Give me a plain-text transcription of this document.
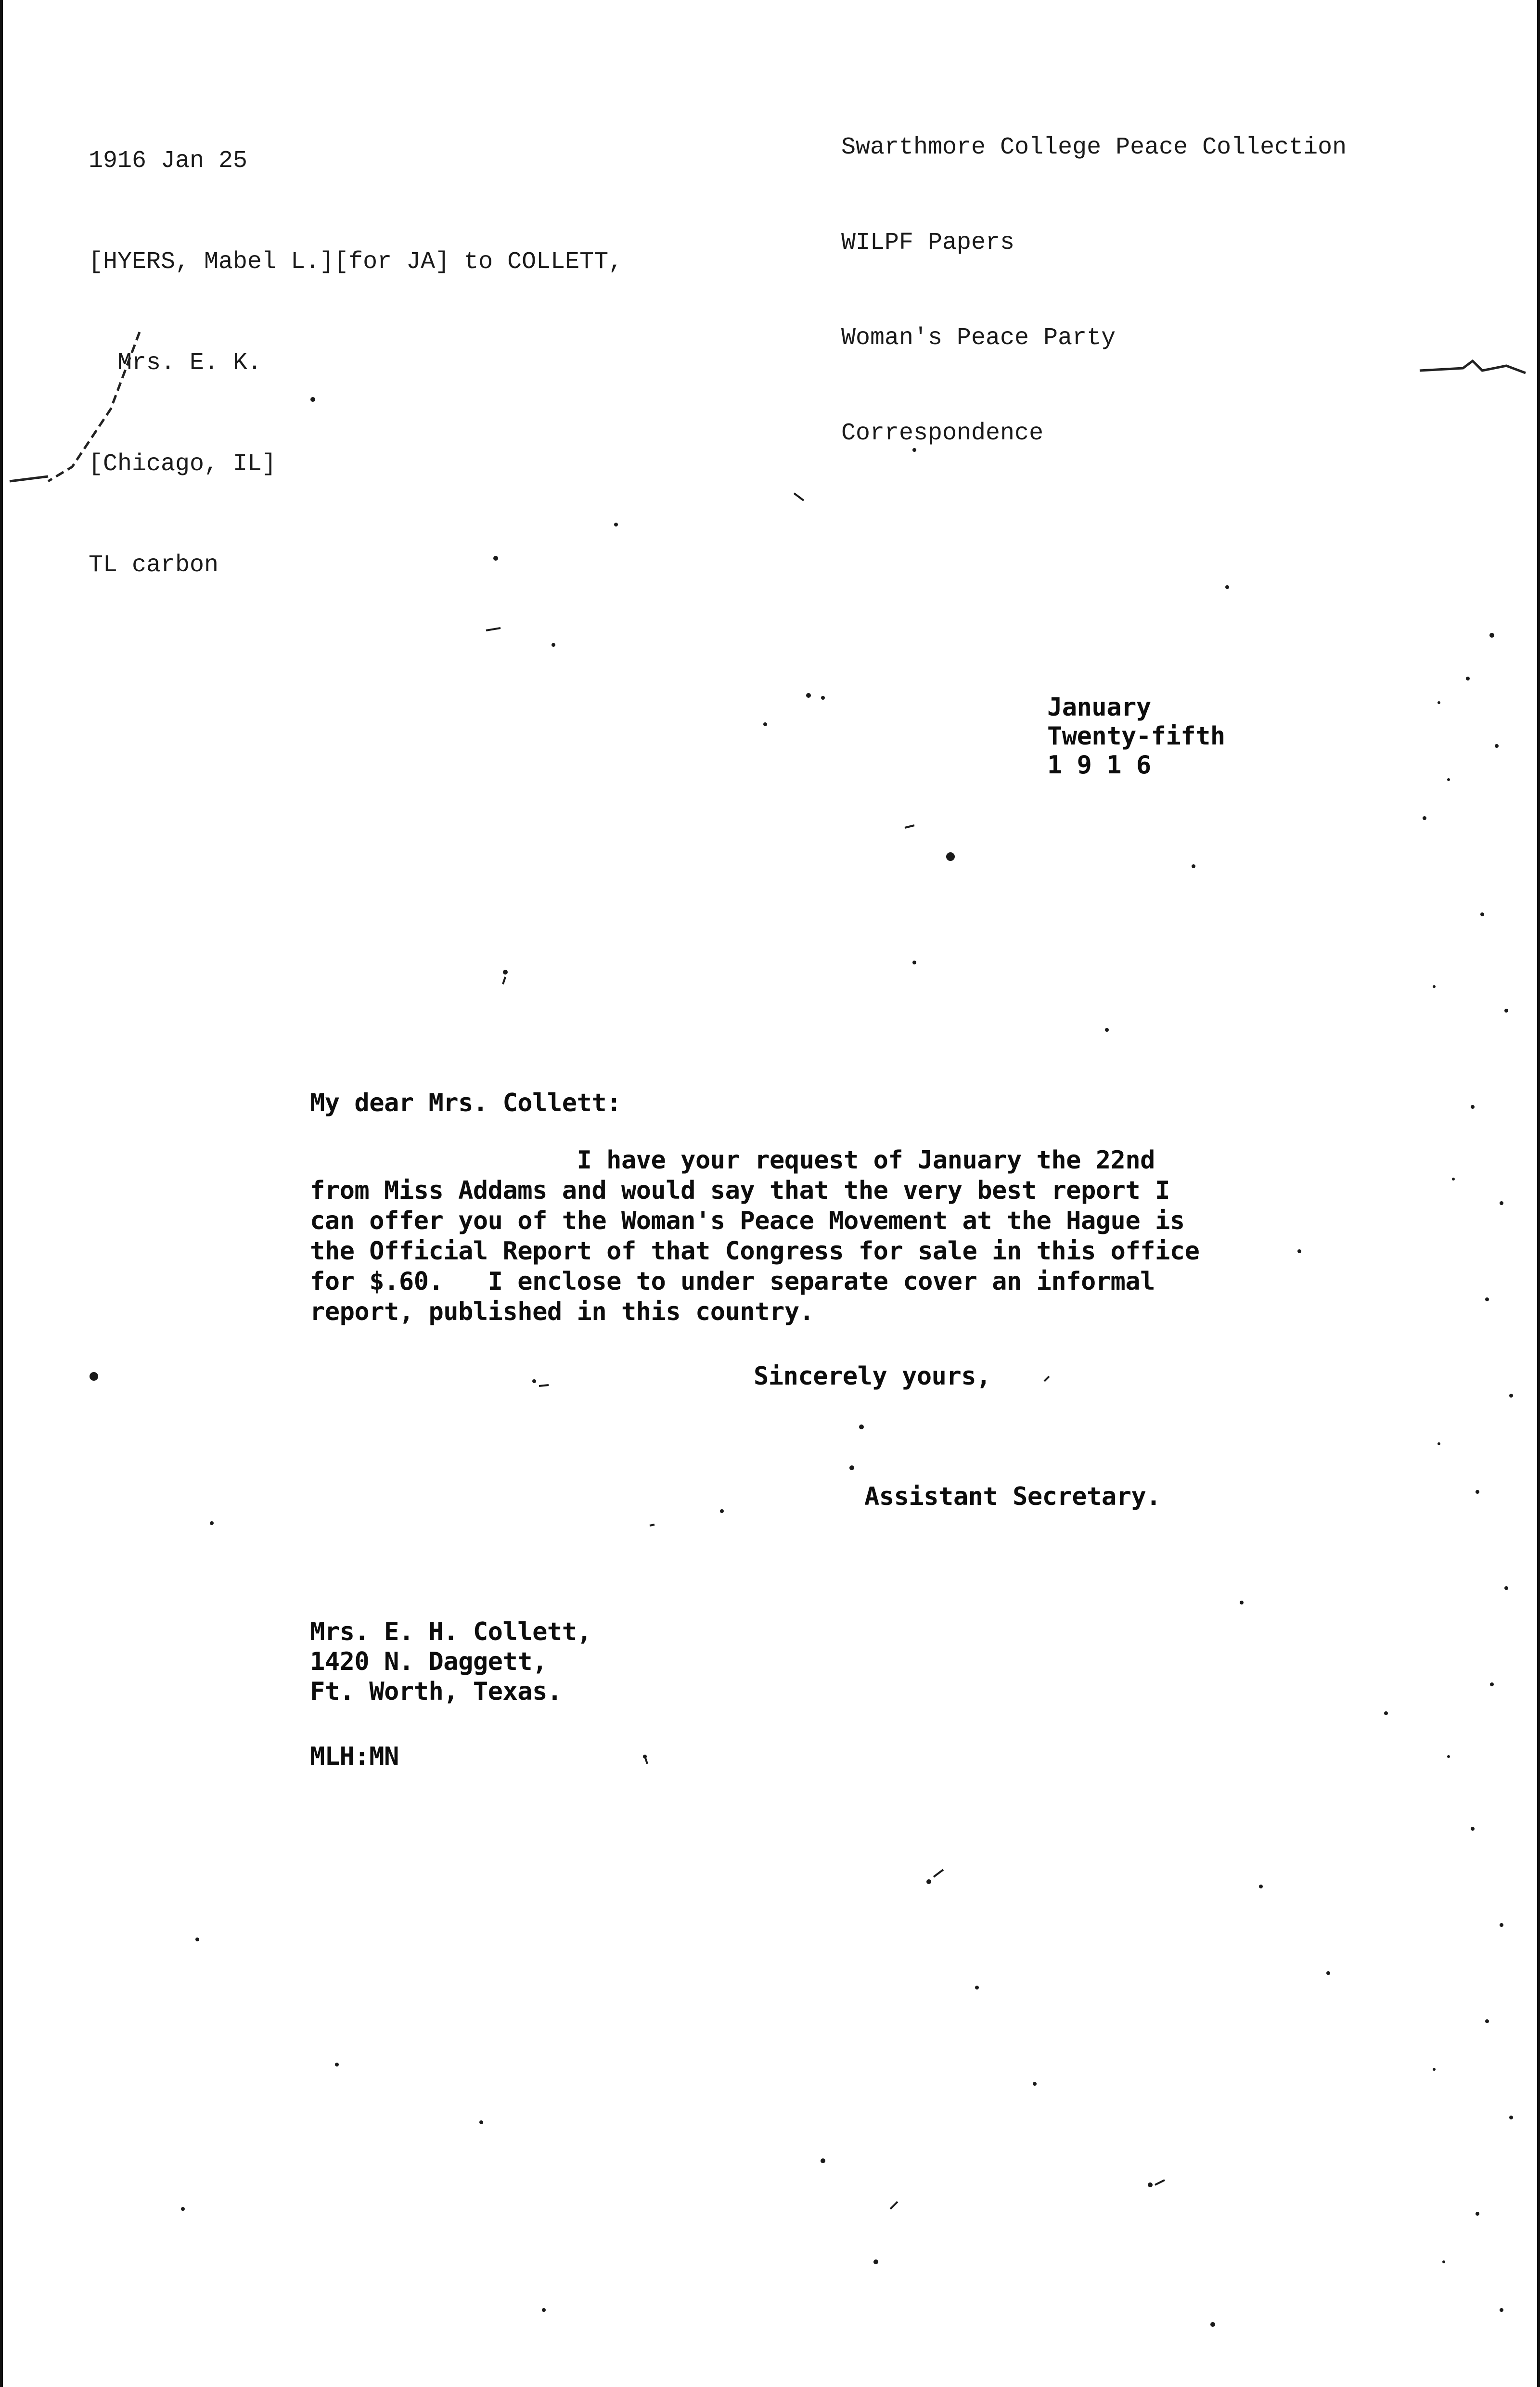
1916 Jan 25

[HYERS, Mabel L.][for JA] to COLLETT,

Mrs. E. K.

[Chicago, IL]

TL carbon

Swarthmore College Peace Collection

WILPF Papers

Woman's Peace Party

Correspondence

January
Twenty-fifth
1 9 1 6
My dear Mrs. Collett:
I have your request of January the 22nd
from Miss Addams and would say that the very best report I
can offer you of the Woman's Peace Movement at the Hague is
the Official Report of that Congress for sale in this office
for $.60.   I enclose to under separate cover an informal
report, published in this country.
Sincerely yours,
Assistant Secretary.
Mrs. E. H. Collett,
1420 N. Daggett,
Ft. Worth, Texas.
MLH:MN
